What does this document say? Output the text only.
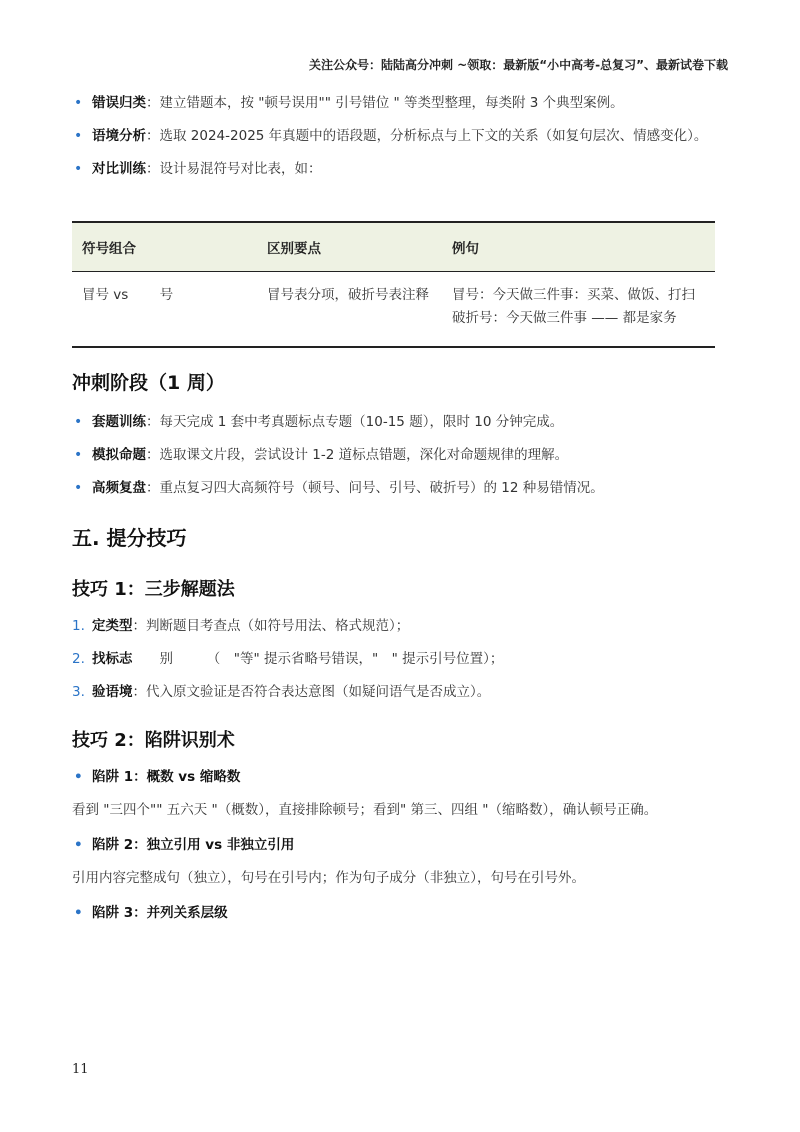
关注公众号：陆陆高分冲刺 ~领取：最新版“小中高考-总复习”、最新试卷下载
• 错误归类：建立错题本，按 "顿号误用"" 引号错位 " 等类型整理，每类附 3 个典型案例。
• 语境分析：选取 2024-2025 年真题中的语段题，分析标点与上下文的关系（如复句层次、情感变化）。
• 对比训练：设计易混符号对比表，如：
符号组合	区别要点	例句
冒号 vs 　　号	冒号表分项，破折号表注释	冒号：今天做三件事：买菜、做饭、打扫破折号：今天做三件事 —— 都是家务
冲刺阶段（1 周）
• 套题训练：每天完成 1 套中考真题标点专题（10-15 题），限时 10 分钟完成。
• 模拟命题：选取课文片段，尝试设计 1-2 道标点错题，深化对命题规律的理解。
• 高频复盘：重点复习四大高频符号（顿号、问号、引号、破折号）的 12 种易错情况。
五. 提分技巧
技巧 1：三步解题法
1. 定类型：判断题目考查点（如符号用法、格式规范）；
2. 找标志　　别　　　（　"等" 提示省略号错误，"　" 提示引号位置）；
3. 验语境：代入原文验证是否符合表达意图（如疑问语气是否成立）。
技巧 2：陷阱识别术
• 陷阱 1：概数 vs 缩略数

看到 "三四个"" 五六天 "（概数），直接排除顿号；看到" 第三、四组 "（缩略数），确认顿号正确。

• 陷阱 2：独立引用 vs 非独立引用

引用内容完整成句（独立），句号在引号内；作为句子成分（非独立），句号在引号外。

• 陷阱 3：并列关系层级
11
